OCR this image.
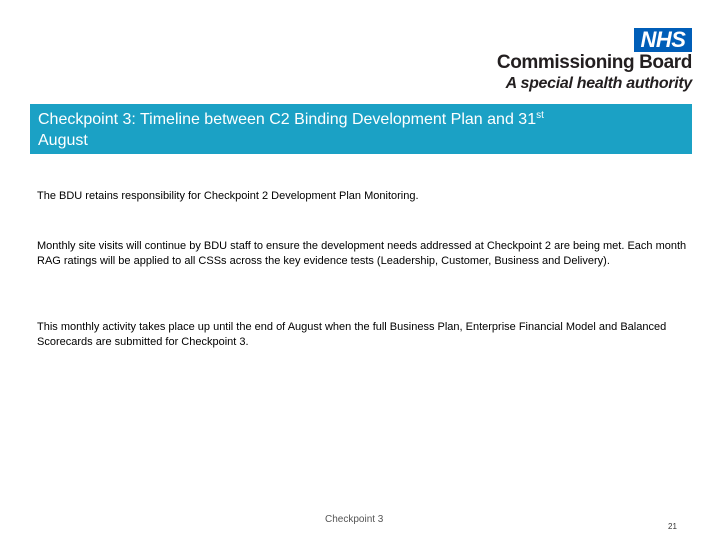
NHS
Commissioning Board
A special health authority
Checkpoint 3: Timeline between C2 Binding Development Plan and 31st
August
The BDU retains responsibility for Checkpoint 2 Development Plan Monitoring.
Monthly site visits will continue by BDU staff to ensure the development needs addressed at Checkpoint 2 are being met. Each month RAG ratings will be applied to all CSSs across the key evidence tests (Leadership, Customer, Business and Delivery).
This monthly activity takes place up until the end of August when the full Business Plan, Enterprise Financial Model and Balanced Scorecards are submitted for Checkpoint 3.
Checkpoint 3
21
